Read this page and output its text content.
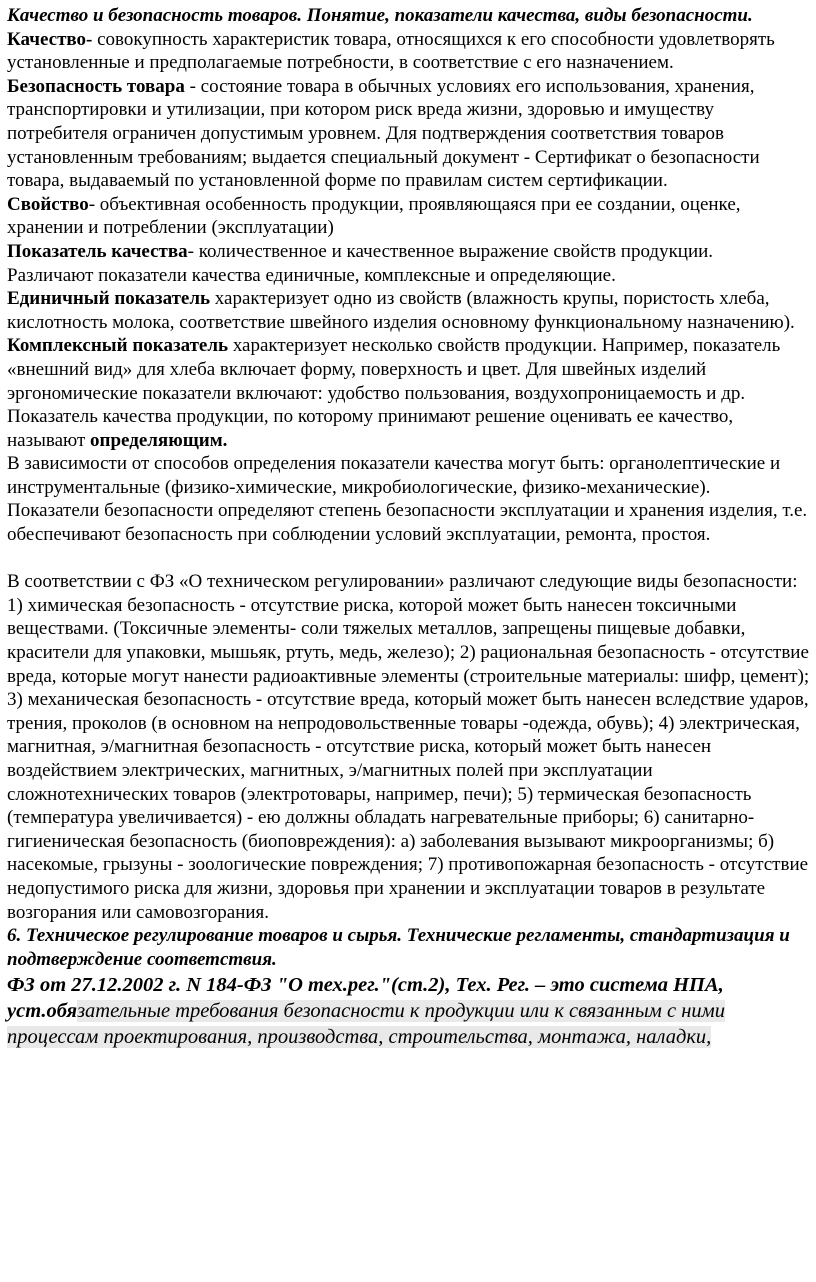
Качество и безопасность товаров. Понятие, показатели качества, виды безопасности.

Качество- совокупность характеристик товара, относящихся к его способности удовлетворять установленные и предполагаемые потребности, в соответствие с его назначением.

Безопасность товара - состояние товара в обычных условиях его использования, хранения, транспортировки и утилизации, при котором риск вреда жизни, здоровью и имуществу потребителя ограничен допустимым уровнем. Для подтверждения соответствия товаров установленным требованиям; выдается специальный документ - Сертификат о безопасности товара, выдаваемый по установленной форме по правилам систем сертификации.

Свойство- объективная особенность продукции, проявляющаяся при ее создании, оценке, хранении и потреблении (эксплуатации)

Показатель качества- количественное и качественное выражение свойств продукции.

Различают показатели качества единичные, комплексные и определяющие.

Единичный показатель характеризует одно из свойств (влажность крупы, пористость хлеба, кислотность молока, соответствие швейного изделия основному функциональному назначению).

Комплексный показатель характеризует несколько свойств продукции. Например, показатель «внешний вид» для хлеба включает форму, поверхность и цвет. Для швейных изделий эргономические показатели включают: удобство пользования, воздухопроницаемость и др.

Показатель качества продукции, по которому принимают решение оценивать ее качество, называют определяющим.

В зависимости от способов определения показатели качества могут быть: органолептические и инструментальные (физико-химические, микробиологические, физико-механические).

Показатели безопасности определяют степень безопасности эксплуатации и хранения изделия, т.е. обеспечивают безопасность при соблюдении условий эксплуатации, ремонта, простоя.

В соответствии с ФЗ «О техническом регулировании» различают следующие виды безопасности: 1) химическая безопасность - отсутствие риска, которой может быть нанесен токсичными веществами. (Токсичные элементы- соли тяжелых металлов, запрещены пищевые добавки, красители для упаковки, мышьяк, ртуть, медь, железо); 2) рациональная безопасность - отсутствие вреда, которые могут нанести радиоактивные элементы (строительные материалы: шифр, цемент); 3) механическая безопасность - отсутствие вреда, который может быть нанесен вследствие ударов, трения, проколов (в основном на непродовольственные товары -одежда, обувь); 4) электрическая, магнитная, э/магнитная безопасность - отсутствие риска, который может быть нанесен воздействием электрических, магнитных, э/магнитных полей при эксплуатации сложнотехнических товаров (электротовары, например, печи); 5) термическая безопасность (температура увеличивается) - ею должны обладать нагревательные приборы; 6) санитарно-гигиеническая безопасность (биоповреждения): а) заболевания вызывают микроорганизмы; б) насекомые, грызуны - зоологические повреждения; 7) противопожарная безопасность - отсутствие недопустимого риска для жизни, здоровья при хранении и эксплуатации товаров в результате возгорания или самовозгорания.

6. Техническое регулирование товаров и сырья. Технические регламенты, стандартизация и подтверждение соответствия.

ФЗ от 27.12.2002 г. N 184-ФЗ "О тех.рег."(ст.2), Тех. Рег. – это система НПА, уст.обязательные требования безопасности к продукции или к связанным с ними

процессам проектирования, производства, строительства, монтажа, наладки,
